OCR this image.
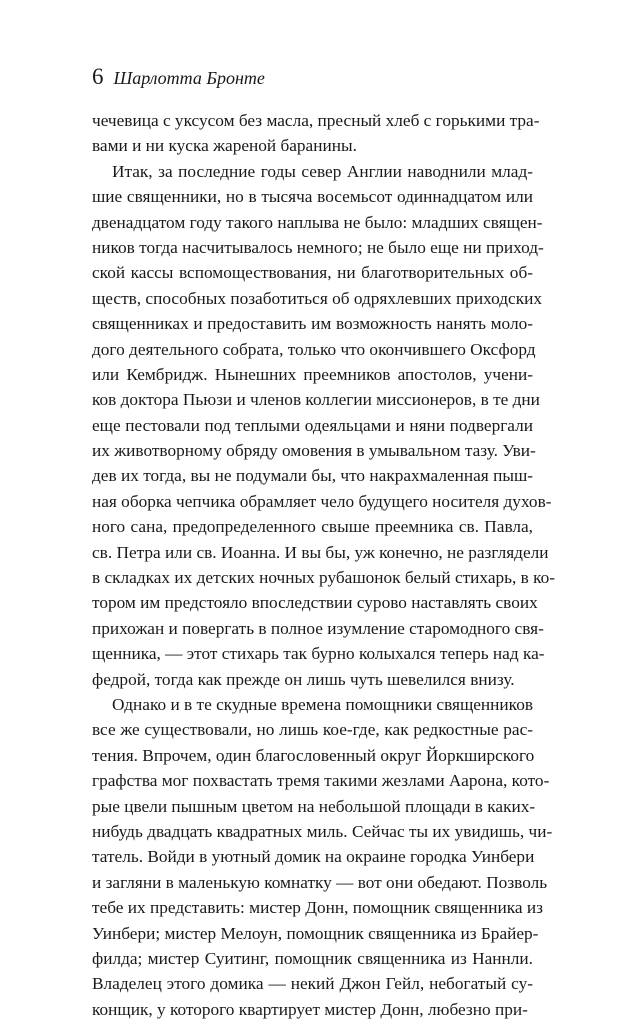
6 Шарлотта Бронте
чечевица с уксусом без масла, пресный хлеб с горькими тра-
вами и ни куска жареной баранины.
Итак, за последние годы север Англии наводнили млад-
шие священники, но в тысяча восемьсот одиннадцатом или
двенадцатом году такого наплыва не было: младших священ-
ников тогда насчитывалось немного; не было еще ни приход-
ской кассы вспомоществования, ни благотворительных об-
ществ, способных позаботиться об одряхлевших приходских
священниках и предоставить им возможность нанять моло-
дого деятельного собрата, только что окончившего Оксфорд
или Кембридж. Нынешних преемников апостолов, учени-
ков доктора Пьюзи и членов коллегии миссионеров, в те дни
еще пестовали под теплыми одеяльцами и няни подвергали
их животворному обряду омовения в умывальном тазу. Уви-
дев их тогда, вы не подумали бы, что накрахмаленная пыш-
ная оборка чепчика обрамляет чело будущего носителя духов-
ного сана, предопределенного свыше преемника св. Павла,
св. Петра или св. Иоанна. И вы бы, уж конечно, не разглядели
в складках их детских ночных рубашонок белый стихарь, в ко-
тором им предстояло впоследствии сурово наставлять своих
прихожан и повергать в полное изумление старомодного свя-
щенника, — этот стихарь так бурно колыхался теперь над ка-
федрой, тогда как прежде он лишь чуть шевелился внизу.
Однако и в те скудные времена помощники священников
все же существовали, но лишь кое-где, как редкостные рас-
тения. Впрочем, один благословенный округ Йоркширского
графства мог похвастать тремя такими жезлами Аарона, кото-
рые цвели пышным цветом на небольшой площади в каких-
нибудь двадцать квадратных миль. Сейчас ты их увидишь, чи-
татель. Войди в уютный домик на окраине городка Уинбери
и загляни в маленькую комнатку — вот они обедают. Позволь
тебе их представить: мистер Донн, помощник священника из
Уинбери; мистер Мелоун, помощник священника из Брайер-
филда; мистер Суитинг, помощник священника из Наннли.
Владелец этого домика — некий Джон Гейл, небогатый су-
конщик, у которого квартирует мистер Донн, любезно при-
